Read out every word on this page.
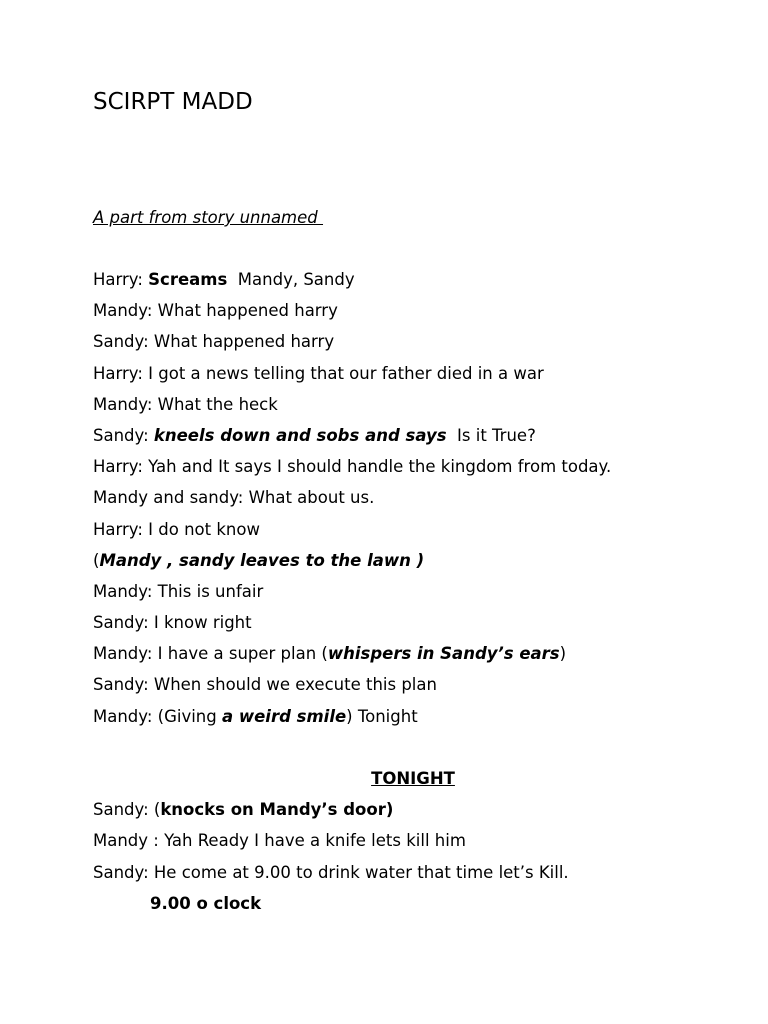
SCIRPT MADD
A part from story unnamed
Harry: Screams  Mandy, Sandy
Mandy: What happened harry
Sandy: What happened harry
Harry: I got a news telling that our father died in a war
Mandy: What the heck
Sandy: kneels down and sobs and says  Is it True?
Harry: Yah and It says I should handle the kingdom from today.
Mandy and sandy: What about us.
Harry: I do not know
(Mandy , sandy leaves to the lawn )
Mandy: This is unfair
Sandy: I know right
Mandy: I have a super plan (whispers in Sandy’s ears)
Sandy: When should we execute this plan
Mandy: (Giving a weird smile) Tonight
TONIGHT
Sandy: (knocks on Mandy’s door)
Mandy : Yah Ready I have a knife lets kill him
Sandy: He come at 9.00 to drink water that time let’s Kill.
9.00 o clock
